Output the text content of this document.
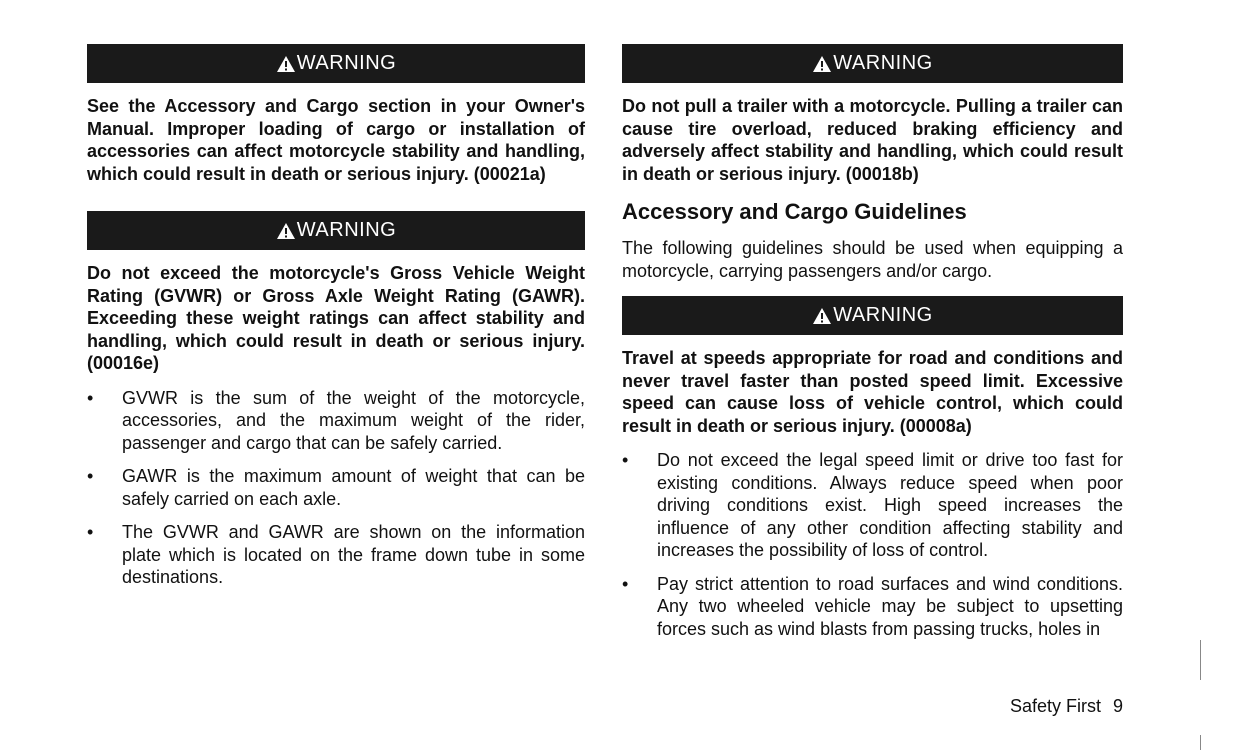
WARNING

See the Accessory and Cargo section in your Owner's Manual. Improper loading of cargo or installation of accessories can affect motorcycle stability and handling, which could result in death or serious injury. (00021a)

WARNING

Do not exceed the motorcycle's Gross Vehicle Weight Rating (GVWR) or Gross Axle Weight Rating (GAWR). Exceeding these weight ratings can affect stability and handling, which could result in death or serious injury. (00016e)

• GVWR is the sum of the weight of the motorcycle, accessories, and the maximum weight of the rider, passenger and cargo that can be safely carried.
• GAWR is the maximum amount of weight that can be safely carried on each axle.
• The GVWR and GAWR are shown on the information plate which is located on the frame down tube in some destinations.
WARNING

Do not pull a trailer with a motorcycle. Pulling a trailer can cause tire overload, reduced braking efficiency and adversely affect stability and handling, which could result in death or serious injury. (00018b)

Accessory and Cargo Guidelines

The following guidelines should be used when equipping a motorcycle, carrying passengers and/or cargo.

WARNING

Travel at speeds appropriate for road and conditions and never travel faster than posted speed limit. Excessive speed can cause loss of vehicle control, which could result in death or serious injury. (00008a)

• Do not exceed the legal speed limit or drive too fast for existing conditions. Always reduce speed when poor driving conditions exist. High speed increases the influence of any other condition affecting stability and increases the possibility of loss of control.
• Pay strict attention to road surfaces and wind conditions. Any two wheeled vehicle may be subject to upsetting forces such as wind blasts from passing trucks, holes in
Safety First 9
